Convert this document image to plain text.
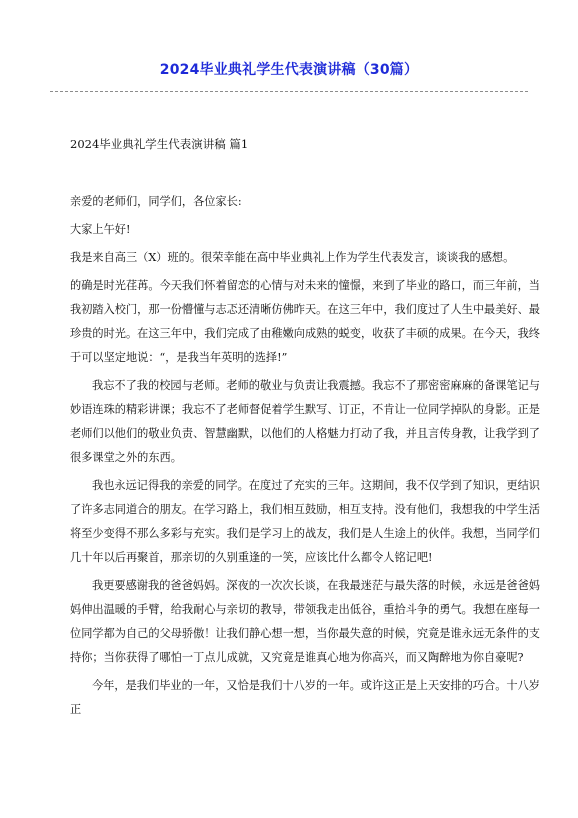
2024毕业典礼学生代表演讲稿（30篇）
2024毕业典礼学生代表演讲稿 篇1

亲爱的老师们，同学们，各位家长:

大家上午好!

我是来自高三（X）班的。很荣幸能在高中毕业典礼上作为学生代表发言，谈谈我的感想。

的确是时光荏苒。今天我们怀着留恋的心情与对未来的憧憬，来到了毕业的路口，而三年前，当我初踏入校门，那一份懵懂与志忑还清晰仿佛昨天。在这三年中，我们度过了人生中最美好、最珍贵的时光。在这三年中，我们完成了由稚嫩向成熟的蜕变，收获了丰硕的成果。在今天，我终于可以坚定地说：“，是我当年英明的选择!”

我忘不了我的校园与老师。老师的敬业与负责让我震撼。我忘不了那密密麻麻的备课笔记与妙语连珠的精彩讲课；我忘不了老师督促着学生默写、订正，不肯让一位同学掉队的身影。正是老师们以他们的敬业负责、智慧幽默，以他们的人格魅力打动了我，并且言传身教，让我学到了很多课堂之外的东西。

我也永远记得我的亲爱的同学。在度过了充实的三年。这期间，我不仅学到了知识，更结识了许多志同道合的朋友。在学习路上，我们相互鼓励，相互支持。没有他们，我想我的中学生活将至少变得不那么多彩与充实。我们是学习上的战友，我们是人生途上的伙伴。我想，当同学们几十年以后再聚首，那亲切的久别重逢的一笑，应该比什么都令人铭记吧!

我更要感谢我的爸爸妈妈。深夜的一次次长谈，在我最迷茫与最失落的时候，永远是爸爸妈妈伸出温暖的手臂，给我耐心与亲切的教导，带领我走出低谷，重拾斗争的勇气。我想在座每一位同学都为自己的父母骄傲！让我们静心想一想，当你最失意的时候，究竟是谁永远无条件的支持你；当你获得了哪怕一丁点儿成就，又究竟是谁真心地为你高兴，而又陶醉地为你自豪呢?

今年，是我们毕业的一年，又恰是我们十八岁的一年。或许这正是上天安排的巧合。十八岁正
